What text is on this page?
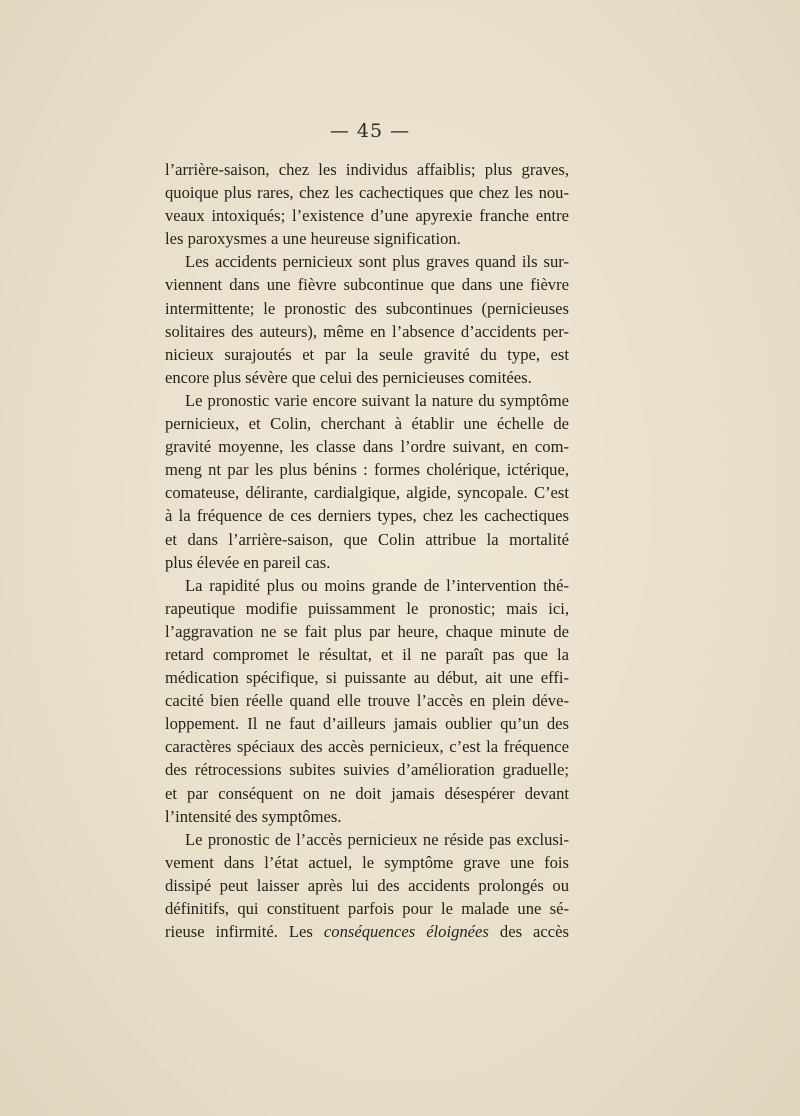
— 45 —
l’arrière-saison, chez les individus affaiblis; plus graves,
quoique plus rares, chez les cachectiques que chez les nou-
veaux intoxiqués; l’existence d’une apyrexie franche entre
les paroxysmes a une heureuse signification.
Les accidents pernicieux sont plus graves quand ils sur-
viennent dans une fièvre subcontinue que dans une fièvre
intermittente; le pronostic des subcontinues (pernicieuses
solitaires des auteurs), même en l’absence d’accidents per-
nicieux surajoutés et par la seule gravité du type, est
encore plus sévère que celui des pernicieuses comitées.
Le pronostic varie encore suivant la nature du symptôme
pernicieux, et Colin, cherchant à établir une échelle de
gravité moyenne, les classe dans l’ordre suivant, en com-
meng nt par les plus bénins : formes cholérique, ictérique,
comateuse, délirante, cardialgique, algide, syncopale. C’est
à la fréquence de ces derniers types, chez les cachectiques
et dans l’arrière-saison, que Colin attribue la mortalité
plus élevée en pareil cas.
La rapidité plus ou moins grande de l’intervention thé-
rapeutique modifie puissamment le pronostic; mais ici,
l’aggravation ne se fait plus par heure, chaque minute de
retard compromet le résultat, et il ne paraît pas que la
médication spécifique, si puissante au début, ait une effi-
cacité bien réelle quand elle trouve l’accès en plein déve-
loppement. Il ne faut d’ailleurs jamais oublier qu’un des
caractères spéciaux des accès pernicieux, c’est la fréquence
des rétrocessions subites suivies d’amélioration graduelle;
et par conséquent on ne doit jamais désespérer devant
l’intensité des symptômes.
Le pronostic de l’accès pernicieux ne réside pas exclusi-
vement dans l’état actuel, le symptôme grave une fois
dissipé peut laisser après lui des accidents prolongés ou
définitifs, qui constituent parfois pour le malade une sé-
rieuse infirmité. Les conséquences éloignées des accès
